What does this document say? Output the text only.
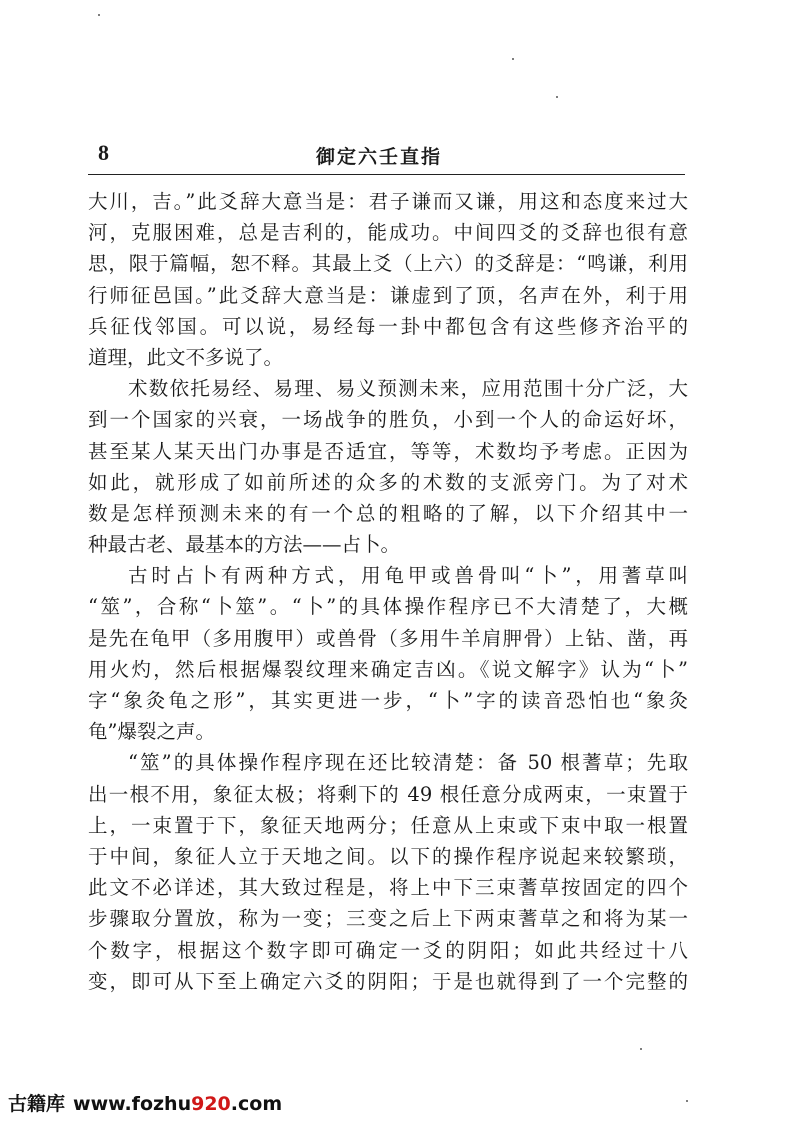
8	御定六壬直指
大川，吉。”此爻辞大意当是：君子谦而又谦，用这和态度来过大
河，克服困难，总是吉利的，能成功。中间四爻的爻辞也很有意
思，限于篇幅，恕不释。其最上爻（上六）的爻辞是：“鸣谦，利用
行师征邑国。”此爻辞大意当是：谦虚到了顶，名声在外，利于用
兵征伐邻国。可以说，易经每一卦中都包含有这些修齐治平的
道理，此文不多说了。
术数依托易经、易理、易义预测未来，应用范围十分广泛，大
到一个国家的兴衰，一场战争的胜负，小到一个人的命运好坏，
甚至某人某天出门办事是否适宜，等等，术数均予考虑。正因为
如此，就形成了如前所述的众多的术数的支派旁门。为了对术
数是怎样预测未来的有一个总的粗略的了解，以下介绍其中一
种最古老、最基本的方法——占卜。
古时占卜有两种方式，用龟甲或兽骨叫“卜”，用蓍草叫
“筮”，合称“卜筮”。“卜”的具体操作程序已不大清楚了，大概
是先在龟甲（多用腹甲）或兽骨（多用牛羊肩胛骨）上钻、凿，再
用火灼，然后根据爆裂纹理来确定吉凶。《说文解字》认为“卜”
字“象灸龟之形”，其实更进一步，“卜”字的读音恐怕也“象灸
龟”爆裂之声。
“筮”的具体操作程序现在还比较清楚：备 50 根蓍草；先取
出一根不用，象征太极；将剩下的 49 根任意分成两束，一束置于
上，一束置于下，象征天地两分；任意从上束或下束中取一根置
于中间，象征人立于天地之间。以下的操作程序说起来较繁琐，
此文不必详述，其大致过程是，将上中下三束蓍草按固定的四个
步骤取分置放，称为一变；三变之后上下两束蓍草之和将为某一
个数字，根据这个数字即可确定一爻的阴阳；如此共经过十八
变，即可从下至上确定六爻的阴阳；于是也就得到了一个完整的
古籍库 www.fozhu920.com
